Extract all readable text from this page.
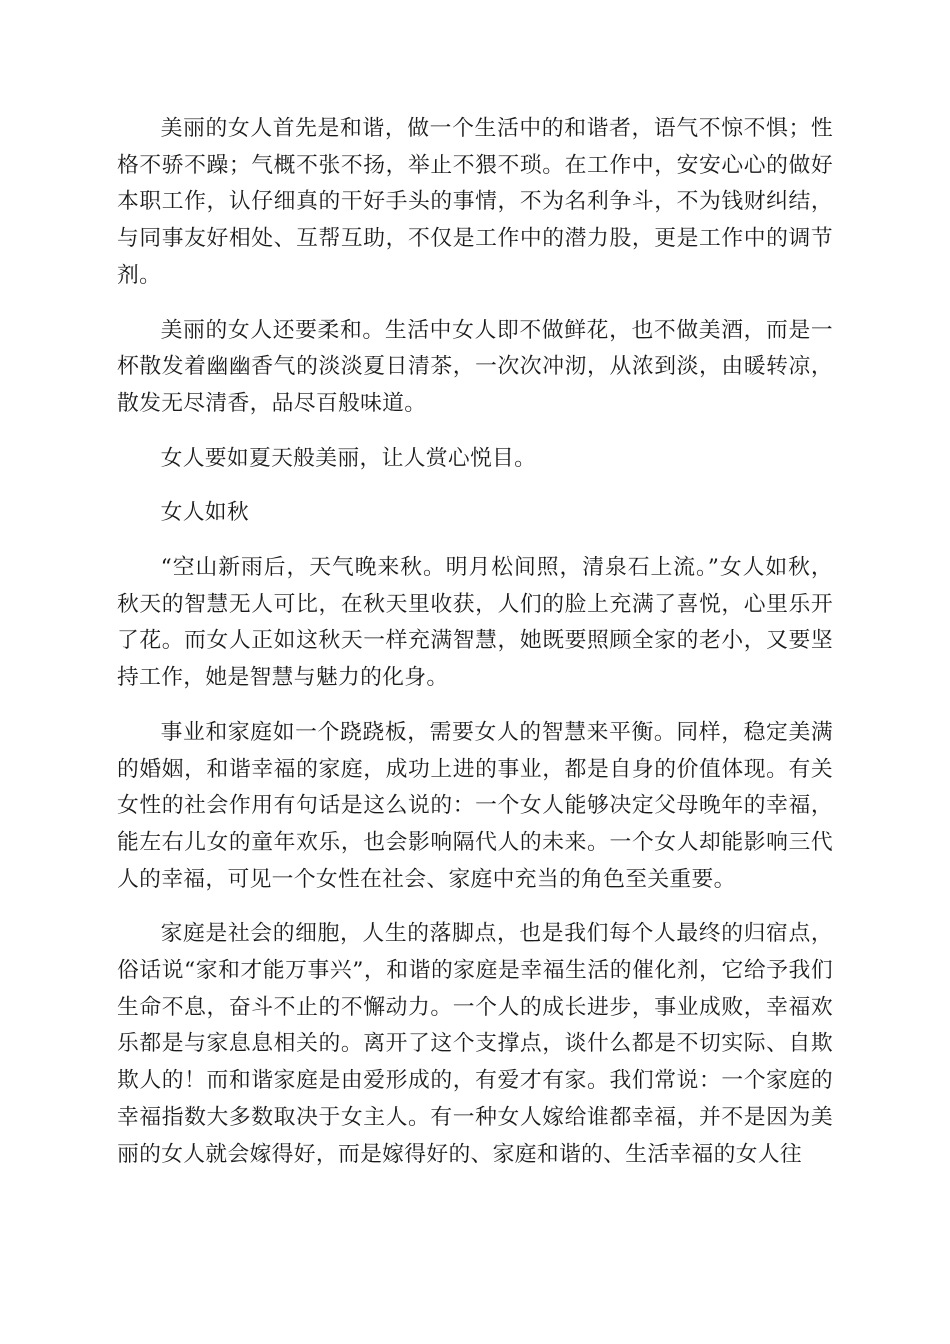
美丽的女人首先是和谐，做一个生活中的和谐者，语气不惊不惧；性格不骄不躁；气概不张不扬，举止不猥不琐。在工作中，安安心心的做好本职工作，认仔细真的干好手头的事情，不为名利争斗，不为钱财纠结，与同事友好相处、互帮互助，不仅是工作中的潜力股，更是工作中的调节剂。

美丽的女人还要柔和。生活中女人即不做鲜花，也不做美酒，而是一杯散发着幽幽香气的淡淡夏日清茶，一次次冲沏，从浓到淡，由暖转凉，散发无尽清香，品尽百般味道。

女人要如夏天般美丽，让人赏心悦目。

女人如秋

“空山新雨后，天气晚来秋。明月松间照，清泉石上流。”女人如秋，秋天的智慧无人可比，在秋天里收获，人们的脸上充满了喜悦，心里乐开了花。而女人正如这秋天一样充满智慧，她既要照顾全家的老小，又要坚持工作，她是智慧与魅力的化身。

事业和家庭如一个跷跷板，需要女人的智慧来平衡。同样，稳定美满的婚姻，和谐幸福的家庭，成功上进的事业，都是自身的价值体现。有关女性的社会作用有句话是这么说的：一个女人能够决定父母晚年的幸福，能左右儿女的童年欢乐，也会影响隔代人的未来。一个女人却能影响三代人的幸福，可见一个女性在社会、家庭中充当的角色至关重要。

家庭是社会的细胞，人生的落脚点，也是我们每个人最终的归宿点，俗话说“家和才能万事兴”，和谐的家庭是幸福生活的催化剂，它给予我们生命不息，奋斗不止的不懈动力。一个人的成长进步，事业成败，幸福欢乐都是与家息息相关的。离开了这个支撑点，谈什么都是不切实际、自欺欺人的！而和谐家庭是由爱形成的，有爱才有家。我们常说：一个家庭的幸福指数大多数取决于女主人。有一种女人嫁给谁都幸福，并不是因为美丽的女人就会嫁得好，而是嫁得好的、家庭和谐的、生活幸福的女人往
